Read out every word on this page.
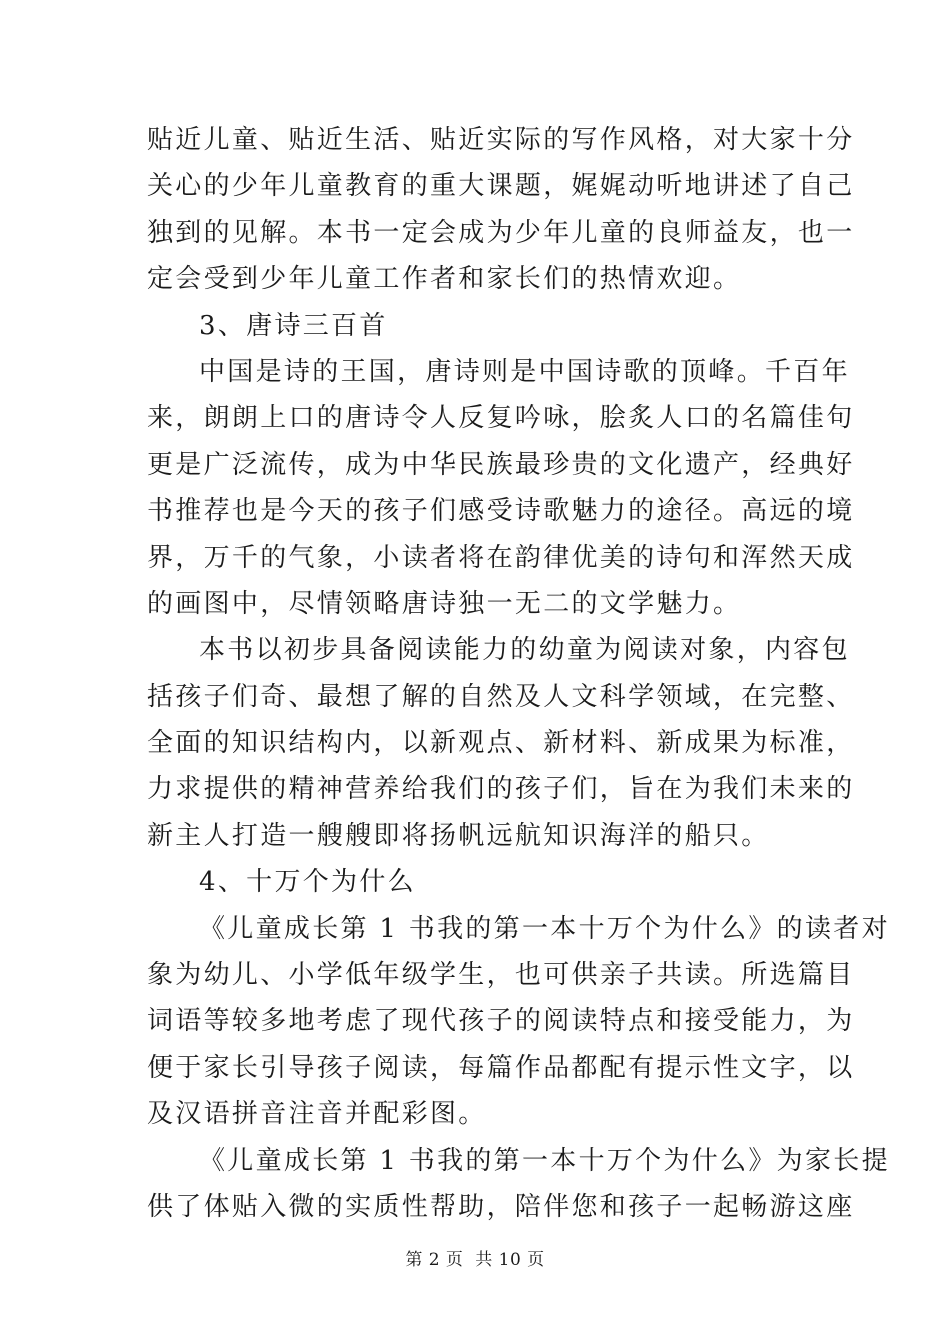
贴近儿童、贴近生活、贴近实际的写作风格，对大家十分
关心的少年儿童教育的重大课题，娓娓动听地讲述了自己
独到的见解。本书一定会成为少年儿童的良师益友，也一
定会受到少年儿童工作者和家长们的热情欢迎。
3、唐诗三百首
中国是诗的王国，唐诗则是中国诗歌的顶峰。千百年
来，朗朗上口的唐诗令人反复吟咏，脍炙人口的名篇佳句
更是广泛流传，成为中华民族最珍贵的文化遗产，经典好
书推荐也是今天的孩子们感受诗歌魅力的途径。高远的境
界，万千的气象，小读者将在韵律优美的诗句和浑然天成
的画图中，尽情领略唐诗独一无二的文学魅力。
本书以初步具备阅读能力的幼童为阅读对象，内容包
括孩子们奇、最想了解的自然及人文科学领域，在完整、
全面的知识结构内，以新观点、新材料、新成果为标准，
力求提供的精神营养给我们的孩子们，旨在为我们未来的
新主人打造一艘艘即将扬帆远航知识海洋的船只。
4、十万个为什么
《儿童成长第 1 书我的第一本十万个为什么》的读者对
象为幼儿、小学低年级学生，也可供亲子共读。所选篇目
词语等较多地考虑了现代孩子的阅读特点和接受能力，为
便于家长引导孩子阅读，每篇作品都配有提示性文字，以
及汉语拼音注音并配彩图。
《儿童成长第 1 书我的第一本十万个为什么》为家长提
供了体贴入微的实质性帮助，陪伴您和孩子一起畅游这座
第 2 页  共 10 页
